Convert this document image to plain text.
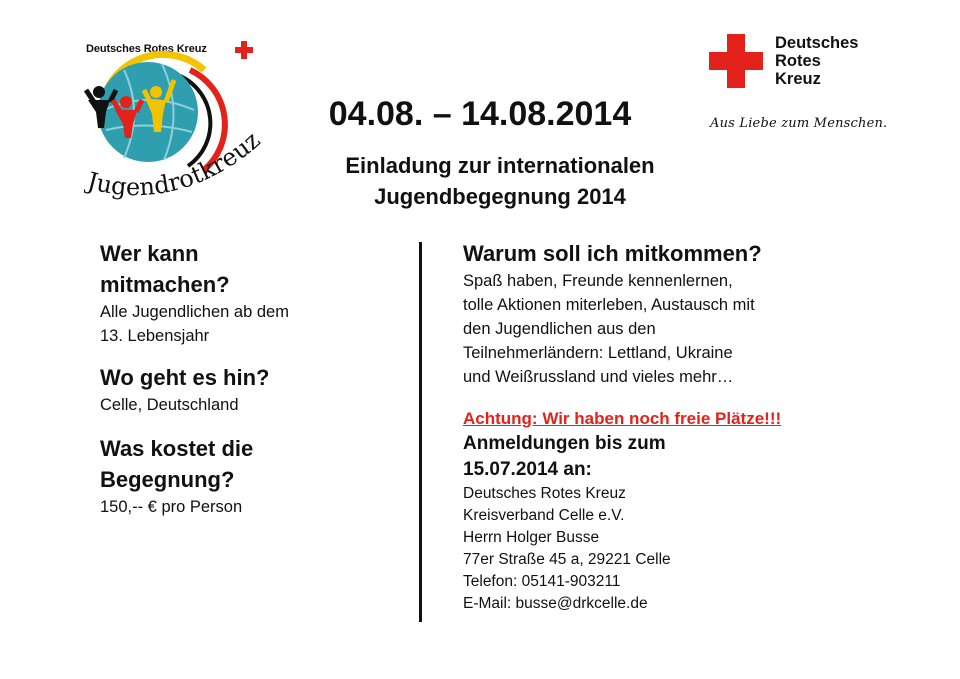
Deutsches Rotes Kreuz
Jugendrotkreuz
Deutsches
Rotes
Kreuz
Aus Liebe zum Menschen.
04.08. – 14.08.2014
Einladung zur internationalen
Jugendbegegnung 2014
Wer kann
mitmachen?
Alle Jugendlichen ab dem
13. Lebensjahr
Wo geht es hin?
Celle, Deutschland
Was kostet die
Begegnung?
150,-- € pro Person
Warum soll ich mitkommen?
Spaß haben, Freunde kennenlernen,
tolle Aktionen miterleben, Austausch mit
den Jugendlichen aus den
Teilnehmerländern: Lettland, Ukraine
und Weißrussland und vieles mehr…
Achtung: Wir haben noch freie Plätze!!!
Anmeldungen bis zum
15.07.2014 an:
Deutsches Rotes Kreuz
Kreisverband Celle e.V.
Herrn Holger Busse
77er Straße 45 a, 29221 Celle
Telefon: 05141-903211
E-Mail: busse@drkcelle.de
